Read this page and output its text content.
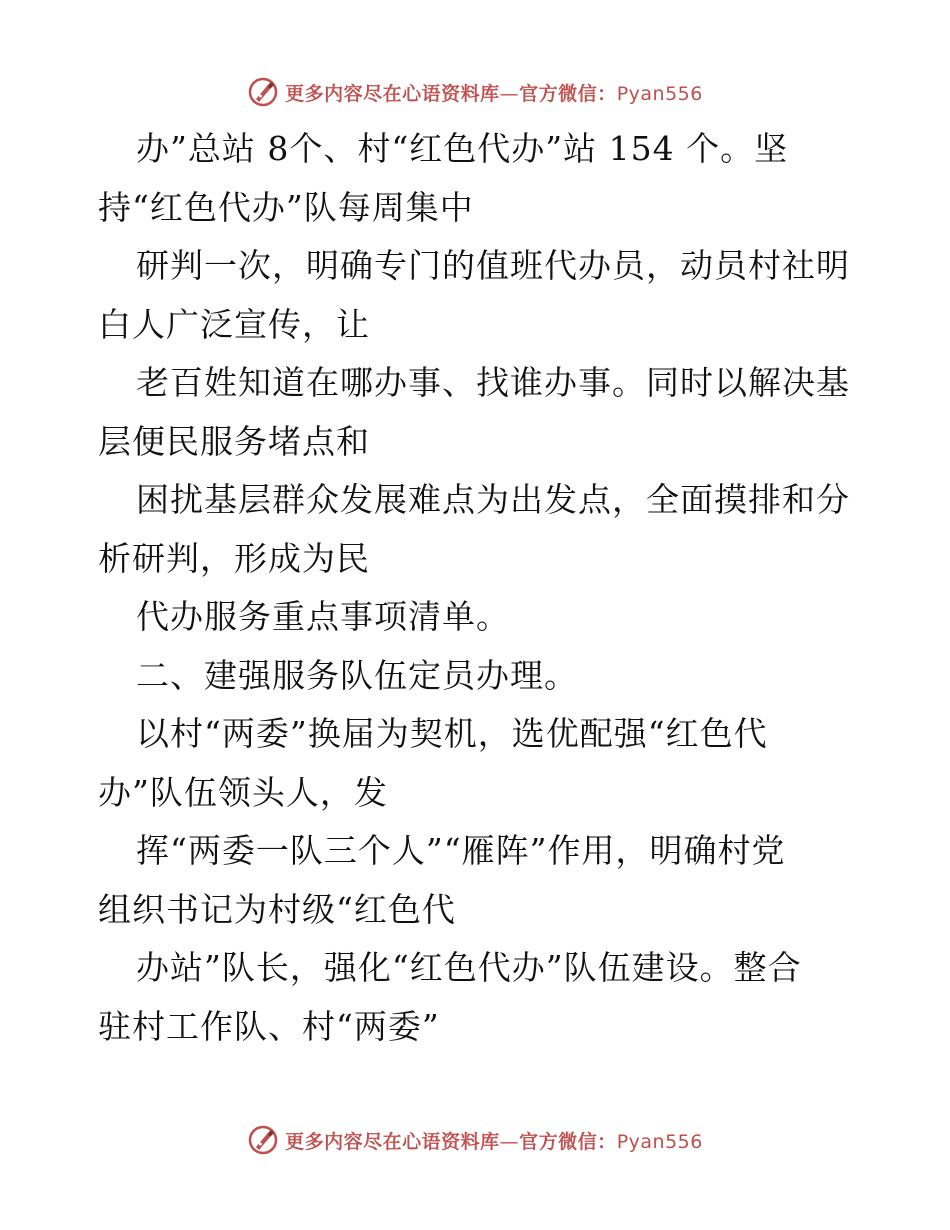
更多内容尽在心语资料库—官方微信：Pyan556
办”总站 8个、村“红色代办”站 154 个。坚
持“红色代办”队每周集中
研判一次，明确专门的值班代办员，动员村社明
白人广泛宣传，让
老百姓知道在哪办事、找谁办事。同时以解决基
层便民服务堵点和
困扰基层群众发展难点为出发点，全面摸排和分
析研判，形成为民
代办服务重点事项清单。
二、建强服务队伍定员办理。
以村“两委”换届为契机，选优配强“红色代
办”队伍领头人，发
挥“两委一队三个人”“雁阵”作用，明确村党
组织书记为村级“红色代
办站”队长，强化“红色代办”队伍建设。整合
驻村工作队、村“两委”
更多内容尽在心语资料库—官方微信：Pyan556
